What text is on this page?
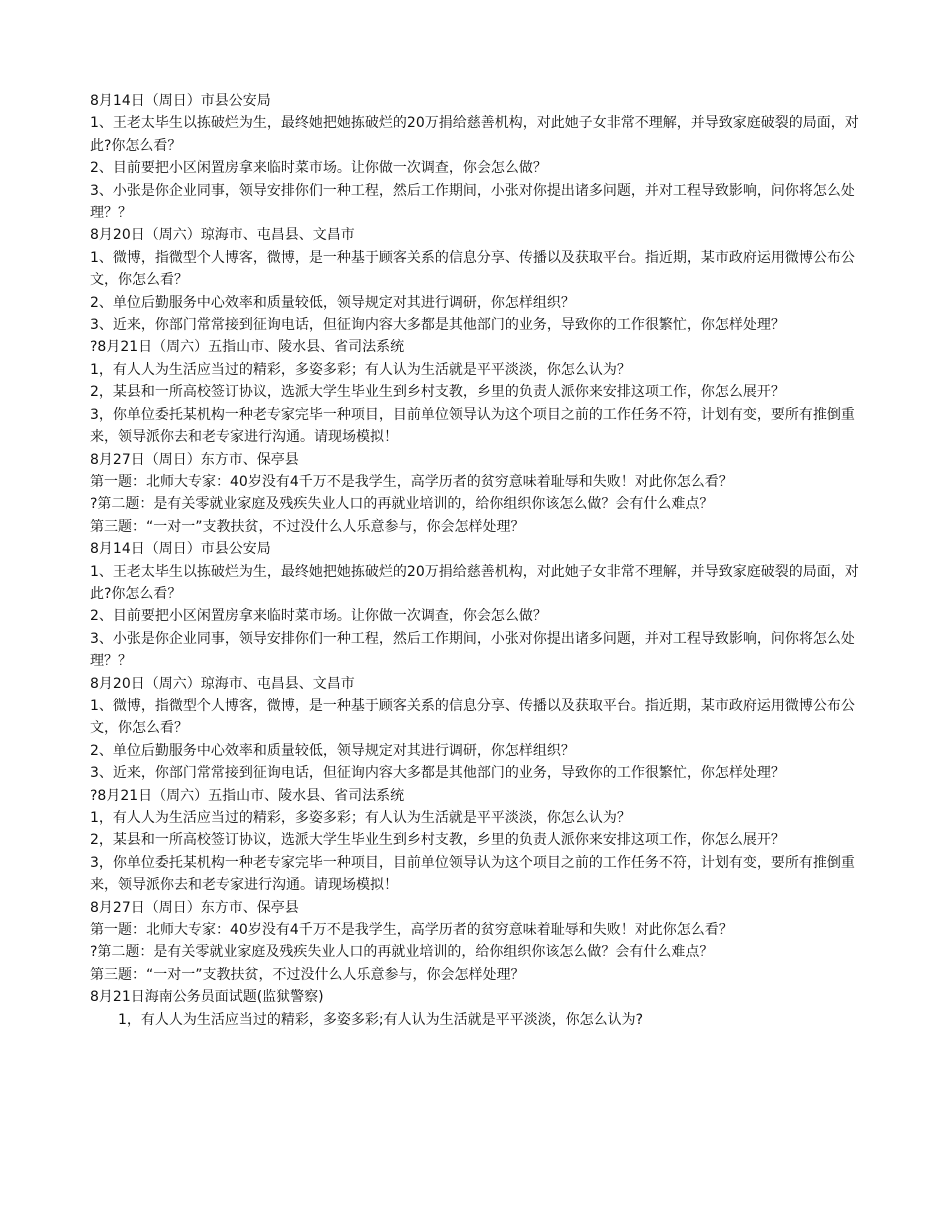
8月14日（周日）市县公安局
1、王老太毕生以拣破烂为生，最终她把她拣破烂的20万捐给慈善机构，对此她子女非常不理解，并导致家庭破裂的局面，对此?你怎么看？
2、目前要把小区闲置房拿来临时菜市场。让你做一次调查，你会怎么做？
3、小张是你企业同事，领导安排你们一种工程，然后工作期间，小张对你提出诸多问题，并对工程导致影响，问你将怎么处理？？
8月20日（周六）琼海市、屯昌县、文昌市
1、微博，指微型个人博客，微博，是一种基于顾客关系的信息分享、传播以及获取平台。指近期，某市政府运用微博公布公文，你怎么看？
2、单位后勤服务中心效率和质量较低，领导规定对其进行调研，你怎样组织？
3、近来，你部门常常接到征询电话，但征询内容大多都是其他部门的业务，导致你的工作很繁忙，你怎样处理？
?8月21日（周六）五指山市、陵水县、省司法系统
1，有人人为生活应当过的精彩，多姿多彩；有人认为生活就是平平淡淡，你怎么认为？
2，某县和一所高校签订协议，选派大学生毕业生到乡村支教，乡里的负责人派你来安排这项工作，你怎么展开？
3，你单位委托某机构一种老专家完毕一种项目，目前单位领导认为这个项目之前的工作任务不符，计划有变，要所有推倒重来，领导派你去和老专家进行沟通。请现场模拟！
8月27日（周日）东方市、保亭县
第一题：北师大专家：40岁没有4千万不是我学生，高学历者的贫穷意味着耻辱和失败！对此你怎么看？
?第二题：是有关零就业家庭及残疾失业人口的再就业培训的，给你组织你该怎么做？会有什么难点？
第三题：“一对一”支教扶贫，不过没什么人乐意参与，你会怎样处理？
8月14日（周日）市县公安局
1、王老太毕生以拣破烂为生，最终她把她拣破烂的20万捐给慈善机构，对此她子女非常不理解，并导致家庭破裂的局面，对此?你怎么看？
2、目前要把小区闲置房拿来临时菜市场。让你做一次调查，你会怎么做？
3、小张是你企业同事，领导安排你们一种工程，然后工作期间，小张对你提出诸多问题，并对工程导致影响，问你将怎么处理？？
8月20日（周六）琼海市、屯昌县、文昌市
1、微博，指微型个人博客，微博，是一种基于顾客关系的信息分享、传播以及获取平台。指近期，某市政府运用微博公布公文，你怎么看？
2、单位后勤服务中心效率和质量较低，领导规定对其进行调研，你怎样组织？
3、近来，你部门常常接到征询电话，但征询内容大多都是其他部门的业务，导致你的工作很繁忙，你怎样处理？
?8月21日（周六）五指山市、陵水县、省司法系统
1，有人人为生活应当过的精彩，多姿多彩；有人认为生活就是平平淡淡，你怎么认为？
2，某县和一所高校签订协议，选派大学生毕业生到乡村支教，乡里的负责人派你来安排这项工作，你怎么展开？
3，你单位委托某机构一种老专家完毕一种项目，目前单位领导认为这个项目之前的工作任务不符，计划有变，要所有推倒重来，领导派你去和老专家进行沟通。请现场模拟！
8月27日（周日）东方市、保亭县
第一题：北师大专家：40岁没有4千万不是我学生，高学历者的贫穷意味着耻辱和失败！对此你怎么看？
?第二题：是有关零就业家庭及残疾失业人口的再就业培训的，给你组织你该怎么做？会有什么难点？
第三题：“一对一”支教扶贫，不过没什么人乐意参与，你会怎样处理？
8月21日海南公务员面试题(监狱警察)
1，有人人为生活应当过的精彩，多姿多彩;有人认为生活就是平平淡淡，你怎么认为?
